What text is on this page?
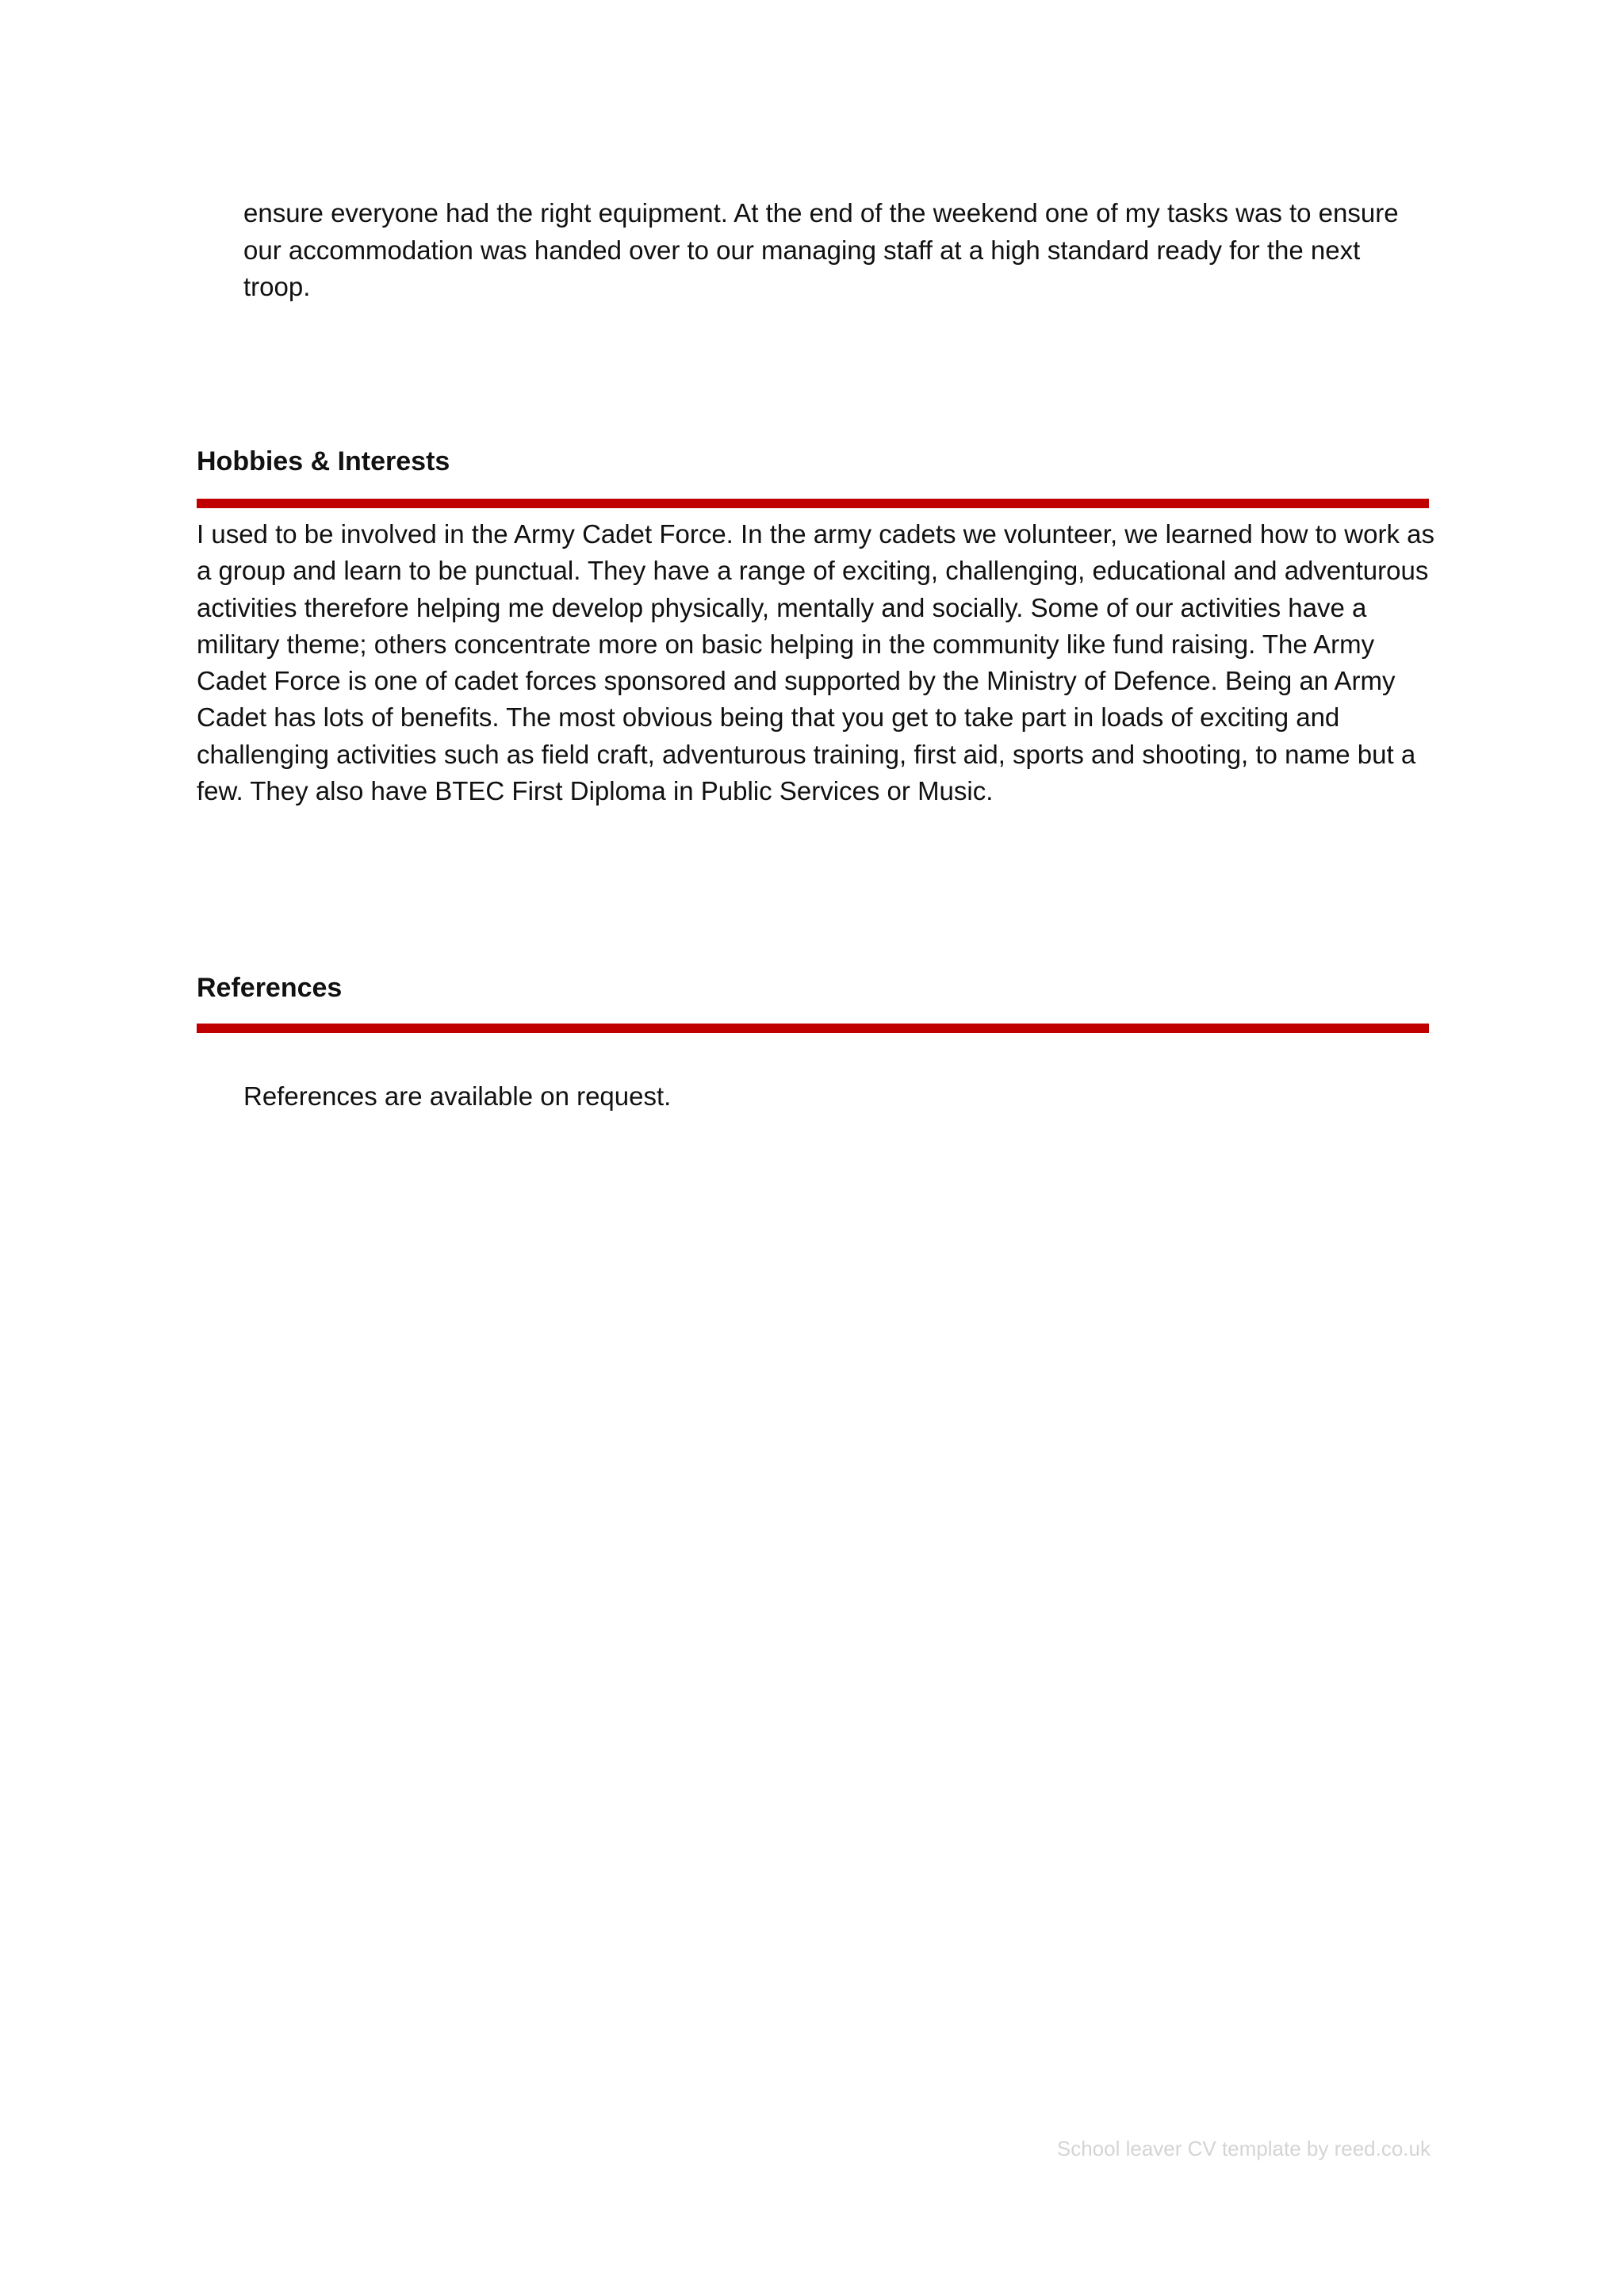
ensure everyone had the right equipment. At the end of the weekend one of my tasks was to ensure our accommodation was handed over to our managing staff at a high standard ready for the next troop.

Hobbies & Interests

I used to be involved in the Army Cadet Force. In the army cadets we volunteer, we learned how to work as a group and learn to be punctual. They have a range of exciting, challenging, educational and adventurous activities therefore helping me develop physically, mentally and socially. Some of our activities have a military theme; others concentrate more on basic helping in the community like fund raising. The Army Cadet Force is one of cadet forces sponsored and supported by the Ministry of Defence. Being an Army Cadet has lots of benefits. The most obvious being that you get to take part in loads of exciting and challenging activities such as field craft, adventurous training, first aid, sports and shooting, to name but a few. They also have BTEC First Diploma in Public Services or Music.

References

References are available on request.

School leaver CV template by reed.co.uk
